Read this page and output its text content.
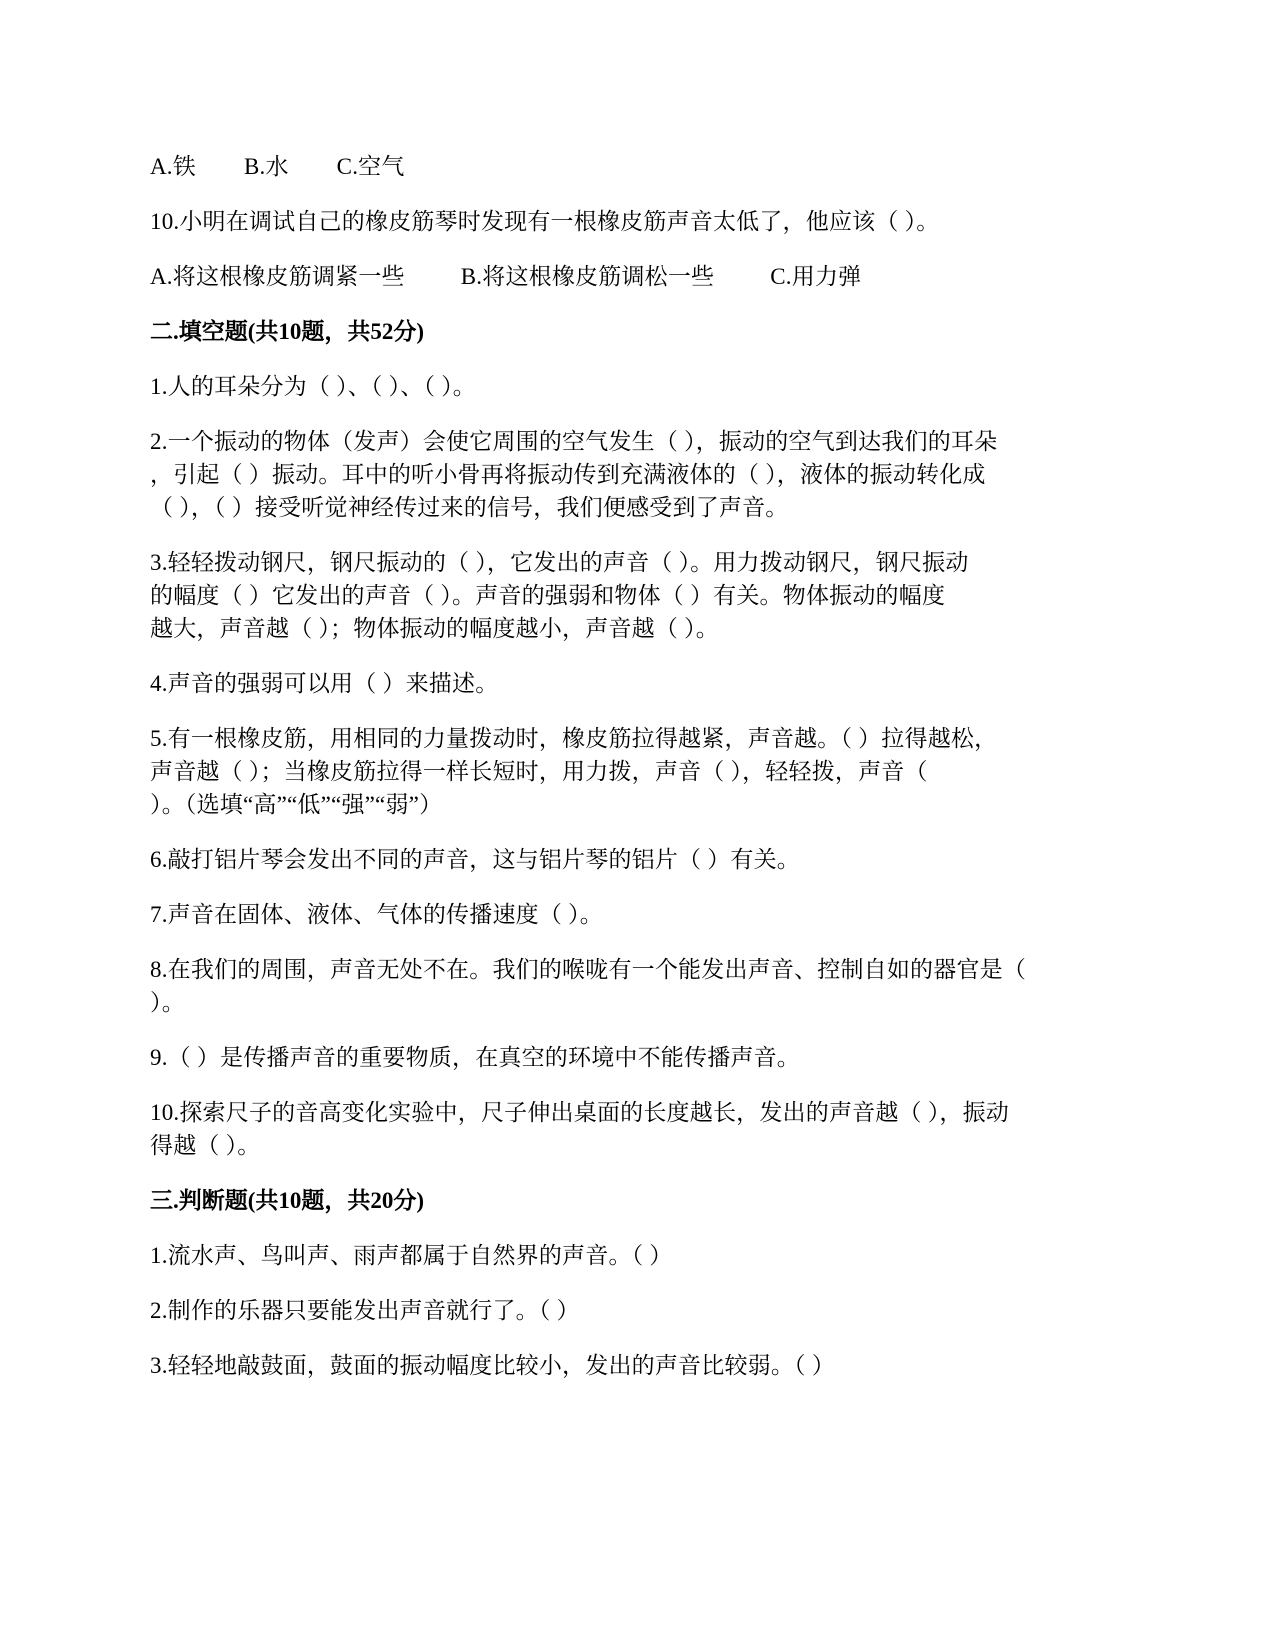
A.铁 B.水 C.空气

10.小明在调试自己的橡皮筋琴时发现有一根橡皮筋声音太低了，他应该（ ）。

A.将这根橡皮筋调紧一些 B.将这根橡皮筋调松一些 C.用力弹

二.填空题(共10题，共52分)

1.人的耳朵分为（ ）、（ ）、（ ）。

2.一个振动的物体（发声）会使它周围的空气发生（ ），振动的空气到达我们的耳朵

，引起（ ）振动。耳中的听小骨再将振动传到充满液体的（ ），液体的振动转化成

（ ），（ ）接受听觉神经传过来的信号，我们便感受到了声音。

3.轻轻拨动钢尺，钢尺振动的（ ），它发出的声音（ ）。用力拨动钢尺，钢尺振动

的幅度（ ）它发出的声音（ ）。声音的强弱和物体（ ）有关。物体振动的幅度

越大，声音越（ ）；物体振动的幅度越小，声音越（ ）。

4.声音的强弱可以用（ ）来描述。

5.有一根橡皮筋，用相同的力量拨动时，橡皮筋拉得越紧，声音越。（ ）拉得越松，

声音越（ ）；当橡皮筋拉得一样长短时，用力拨，声音（ ），轻轻拨，声音（

）。（选填“高”“低”“强”“弱”）

6.敲打铝片琴会发出不同的声音，这与铝片琴的铝片（ ）有关。

7.声音在固体、液体、气体的传播速度（ ）。

8.在我们的周围，声音无处不在。我们的喉咙有一个能发出声音、控制自如的器官是（

）。

9.（ ）是传播声音的重要物质，在真空的环境中不能传播声音。

10.探索尺子的音高变化实验中，尺子伸出桌面的长度越长，发出的声音越（ ），振动

得越（ ）。

三.判断题(共10题，共20分)

1.流水声、鸟叫声、雨声都属于自然界的声音。（ ）

2.制作的乐器只要能发出声音就行了。（ ）

3.轻轻地敲鼓面，鼓面的振动幅度比较小，发出的声音比较弱。（ ）
